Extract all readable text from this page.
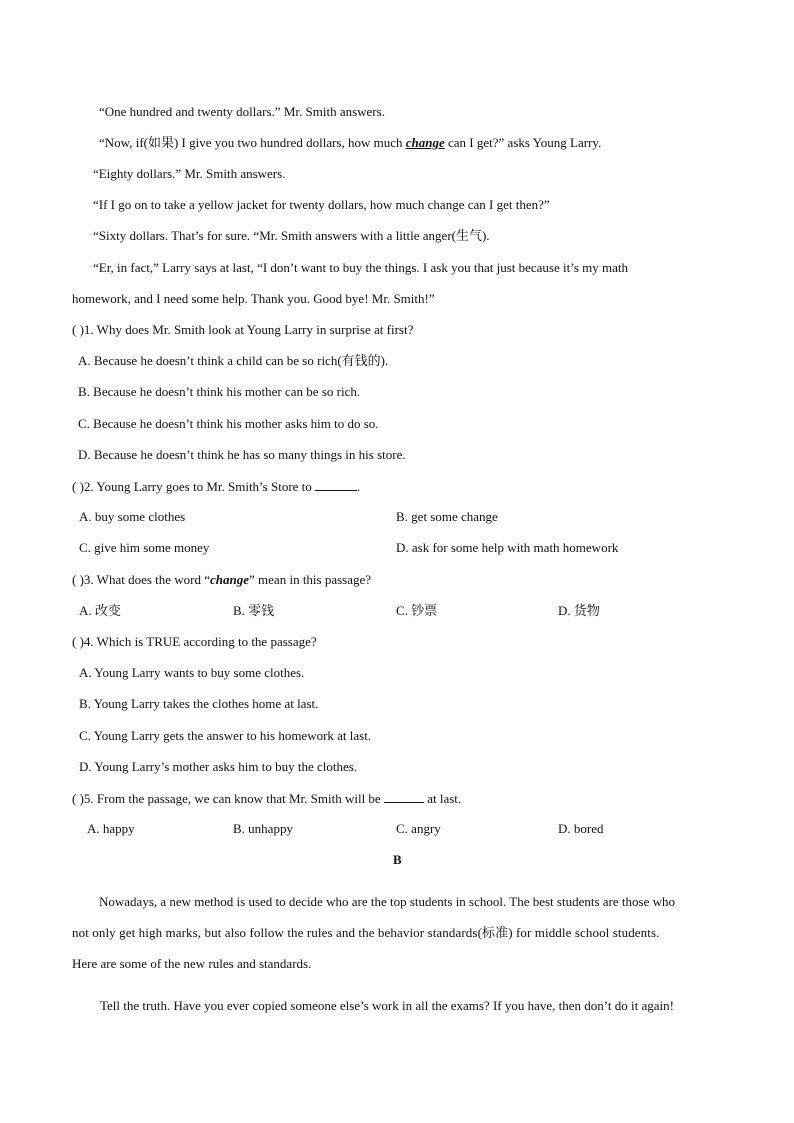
“One hundred and twenty dollars.” Mr. Smith answers.
“Now, if(如果) I give you two hundred dollars, how much change can I get?” asks Young Larry.
“Eighty dollars.” Mr. Smith answers.
“If I go on to take a yellow jacket for twenty dollars, how much change can I get then?”
“Sixty dollars. That’s for sure. “Mr. Smith answers with a little anger(生气).
“Er, in fact,” Larry says at last, “I don’t want to buy the things. I ask you that just because it’s my math
homework, and I need some help. Thank you. Good bye! Mr. Smith!”
( )1. Why does Mr. Smith look at Young Larry in surprise at first?
A. Because he doesn’t think a child can be so rich(有钱的).
B. Because he doesn’t think his mother can be so rich.
C. Because he doesn’t think his mother asks him to do so.
D. Because he doesn’t think he has so many things in his store.
( )2. Young Larry goes to Mr. Smith’s Store to	.
A. buy some clothes	B. get some change
C. give him some money	D. ask for some help with math homework
( )3. What does the word “change” mean in this passage?
A. 改变	B. 零钱	C. 钞票	D. 货物
( )4. Which is TRUE according to the passage?
A. Young Larry wants to buy some clothes.
B. Young Larry takes the clothes home at last.
C. Young Larry gets the answer to his homework at last.
D. Young Larry’s mother asks him to buy the clothes.
( )5. From the passage, we can know that Mr. Smith will be	at last.
A. happy	B. unhappy	C. angry	D. bored
B
Nowadays, a new method is used to decide who are the top students in school. The best students are those who
not only get high marks, but also follow the rules and the behavior standards(标准) for middle school students.
Here are some of the new rules and standards.
Tell the truth. Have you ever copied someone else’s work in all the exams? If you have, then don’t do it again!
